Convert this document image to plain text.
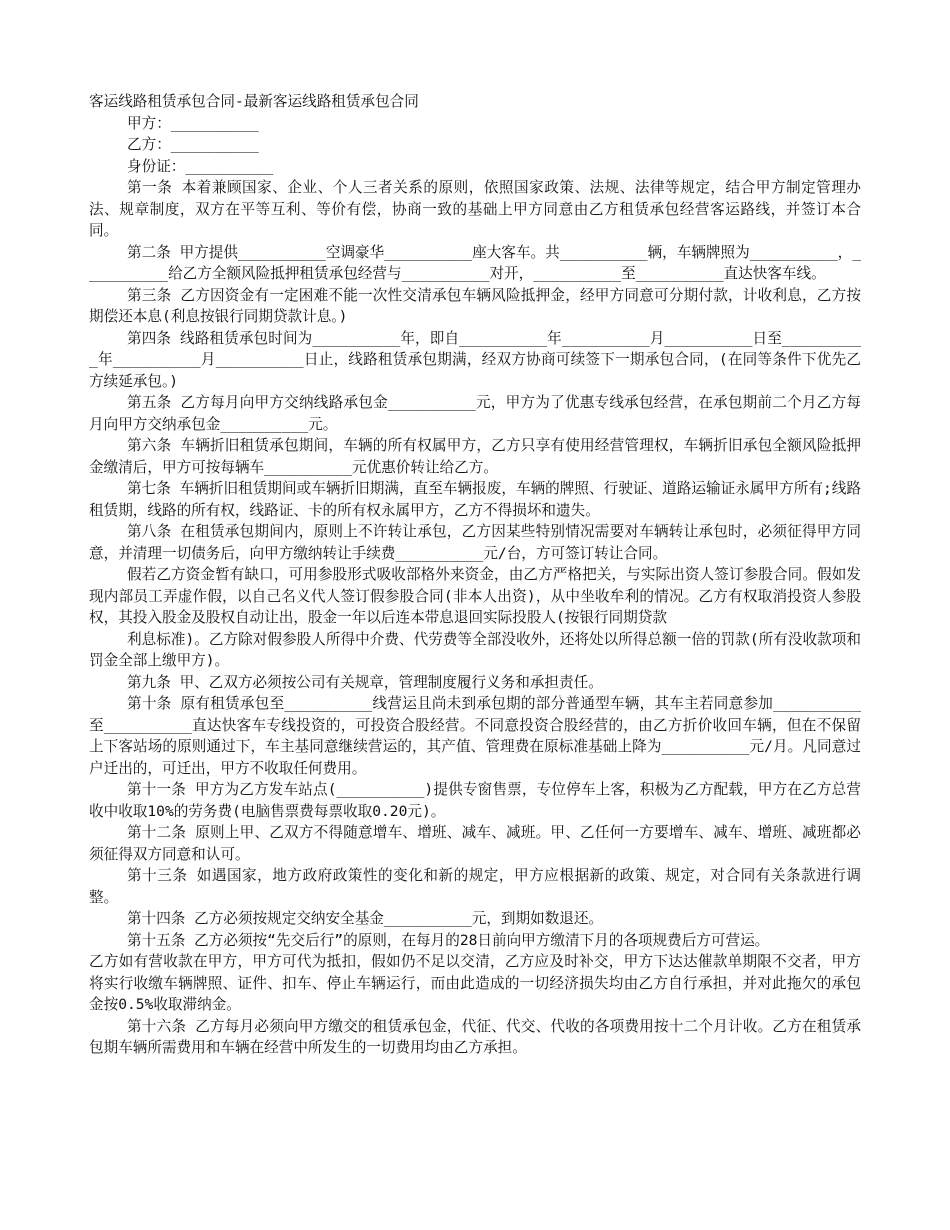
客运线路租赁承包合同-最新客运线路租赁承包合同
甲方：__________
乙方：__________
身份证：__________

第一条 本着兼顾国家、企业、个人三者关系的原则，依照国家政策、法规、法律等规定，结合甲方制定管理办法、规章制度，双方在平等互利、等价有偿，协商一致的基础上甲方同意由乙方租赁承包经营客运路线，并签订本合同。

第二条 甲方提供__________空调豪华__________座大客车。共__________辆，车辆牌照为__________，__________给乙方全额风险抵押租赁承包经营与__________对开，__________至__________直达快客车线。

第三条 乙方因资金有一定困难不能一次性交清承包车辆风险抵押金，经甲方同意可分期付款，计收利息，乙方按期偿还本息(利息按银行同期贷款计息。)

第四条 线路租赁承包时间为__________年，即自__________年__________月__________日至__________年__________月__________日止，线路租赁承包期满，经双方协商可续签下一期承包合同，(在同等条件下优先乙方续延承包。)

第五条 乙方每月向甲方交纳线路承包金__________元，甲方为了优惠专线承包经营，在承包期前二个月乙方每月向甲方交纳承包金__________元。

第六条 车辆折旧租赁承包期间，车辆的所有权属甲方，乙方只享有使用经营管理权，车辆折旧承包全额风险抵押金缴清后，甲方可按每辆车__________元优惠价转让给乙方。

第七条 车辆折旧租赁期间或车辆折旧期满，直至车辆报废，车辆的牌照、行驶证、道路运输证永属甲方所有;线路租赁期，线路的所有权，线路证、卡的所有权永属甲方，乙方不得损坏和遗失。

第八条 在租赁承包期间内，原则上不许转让承包，乙方因某些特别情况需要对车辆转让承包时，必须征得甲方同意，并清理一切债务后，向甲方缴纳转让手续费__________元/台，方可签订转让合同。

假若乙方资金暂有缺口，可用参股形式吸收部格外来资金，由乙方严格把关，与实际出资人签订参股合同。假如发现内部员工弄虚作假，以自己名义代人签订假参股合同(非本人出资)，从中坐收牟利的情况。乙方有权取消投资人参股权，其投入股金及股权自动让出，股金一年以后连本带息退回实际投股人(按银行同期贷款

利息标准)。乙方除对假参股人所得中介费、代劳费等全部没收外，还将处以所得总额一倍的罚款(所有没收款项和罚金全部上缴甲方)。

第九条 甲、乙双方必须按公司有关规章，管理制度履行义务和承担责任。

第十条 原有租赁承包至__________线营运且尚未到承包期的部分普通型车辆，其车主若同意参加__________至__________直达快客车专线投资的，可投资合股经营。不同意投资合股经营的，由乙方折价收回车辆，但在不保留上下客站场的原则通过下，车主基同意继续营运的，其产值、管理费在原标准基础上降为__________元/月。凡同意过户迁出的，可迁出，甲方不收取任何费用。

第十一条 甲方为乙方发车站点(__________)提供专窗售票，专位停车上客，积极为乙方配载，甲方在乙方总营收中收取10%的劳务费(电脑售票费每票收取0.20元)。

第十二条 原则上甲、乙双方不得随意增车、增班、减车、减班。甲、乙任何一方要增车、减车、增班、减班都必须征得双方同意和认可。

第十三条 如遇国家，地方政府政策性的变化和新的规定，甲方应根据新的政策、规定，对合同有关条款进行调整。

第十四条 乙方必须按规定交纳安全基金__________元，到期如数退还。

第十五条 乙方必须按“先交后行”的原则，在每月的28日前向甲方缴清下月的各项规费后方可营运。

乙方如有营收款在甲方，甲方可代为抵扣，假如仍不足以交清，乙方应及时补交，甲方下达达催款单期限不交者，甲方将实行收缴车辆牌照、证件、扣车、停止车辆运行，而由此造成的一切经济损失均由乙方自行承担，并对此拖欠的承包金按0.5%收取滞纳金。

第十六条 乙方每月必须向甲方缴交的租赁承包金，代征、代交、代收的各项费用按十二个月计收。乙方在租赁承包期车辆所需费用和车辆在经营中所发生的一切费用均由乙方承担。
